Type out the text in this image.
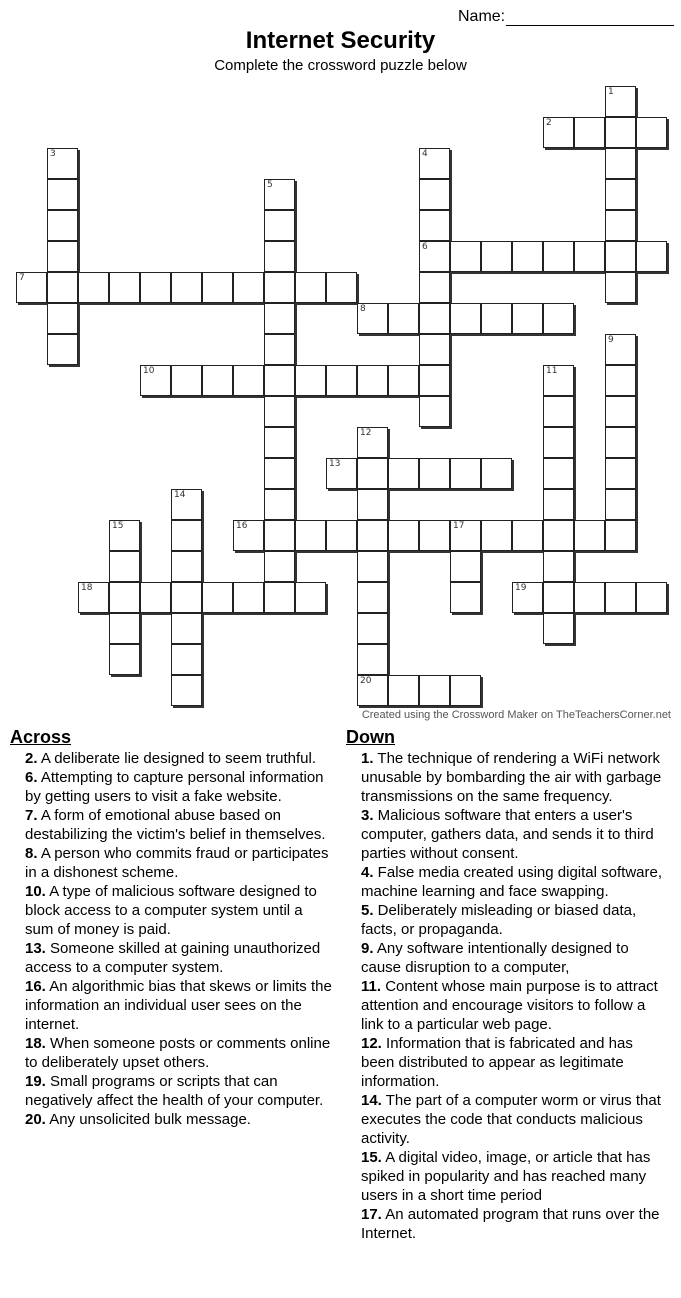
Name:
Internet Security
Complete the crossword puzzle below
1
2
3	4
5
6
7
8
9
10	11
12
13
14
15	16	17
18	19
20
Created using the Crossword Maker on TheTeachersCorner.net
Across
2. A deliberate lie designed to seem truthful.
6. Attempting to capture personal information by getting users to visit a fake website.
7. A form of emotional abuse based on destabilizing the victim's belief in themselves.
8. A person who commits fraud or participates in a dishonest scheme.
10. A type of malicious software designed to block access to a computer system until a sum of money is paid.
13. Someone skilled at gaining unauthorized access to a computer system.
16. An algorithmic bias that skews or limits the information an individual user sees on the internet.
18. When someone posts or comments online to deliberately upset others.
19. Small programs or scripts that can negatively affect the health of your computer.
20. Any unsolicited bulk message.
Down
1. The technique of rendering a WiFi network unusable by bombarding the air with garbage transmissions on the same frequency.
3. Malicious software that enters a user's computer, gathers data, and sends it to third parties without consent.
4. False media created using digital software, machine learning and face swapping.
5. Deliberately misleading or biased data, facts, or propaganda.
9. Any software intentionally designed to cause disruption to a computer,
11. Content whose main purpose is to attract attention and encourage visitors to follow a link to a particular web page.
12. Information that is fabricated and has been distributed to appear as legitimate information.
14. The part of a computer worm or virus that executes the code that conducts malicious activity.
15. A digital video, image, or article that has spiked in popularity and has reached many users in a short time period
17. An automated program that runs over the Internet.
